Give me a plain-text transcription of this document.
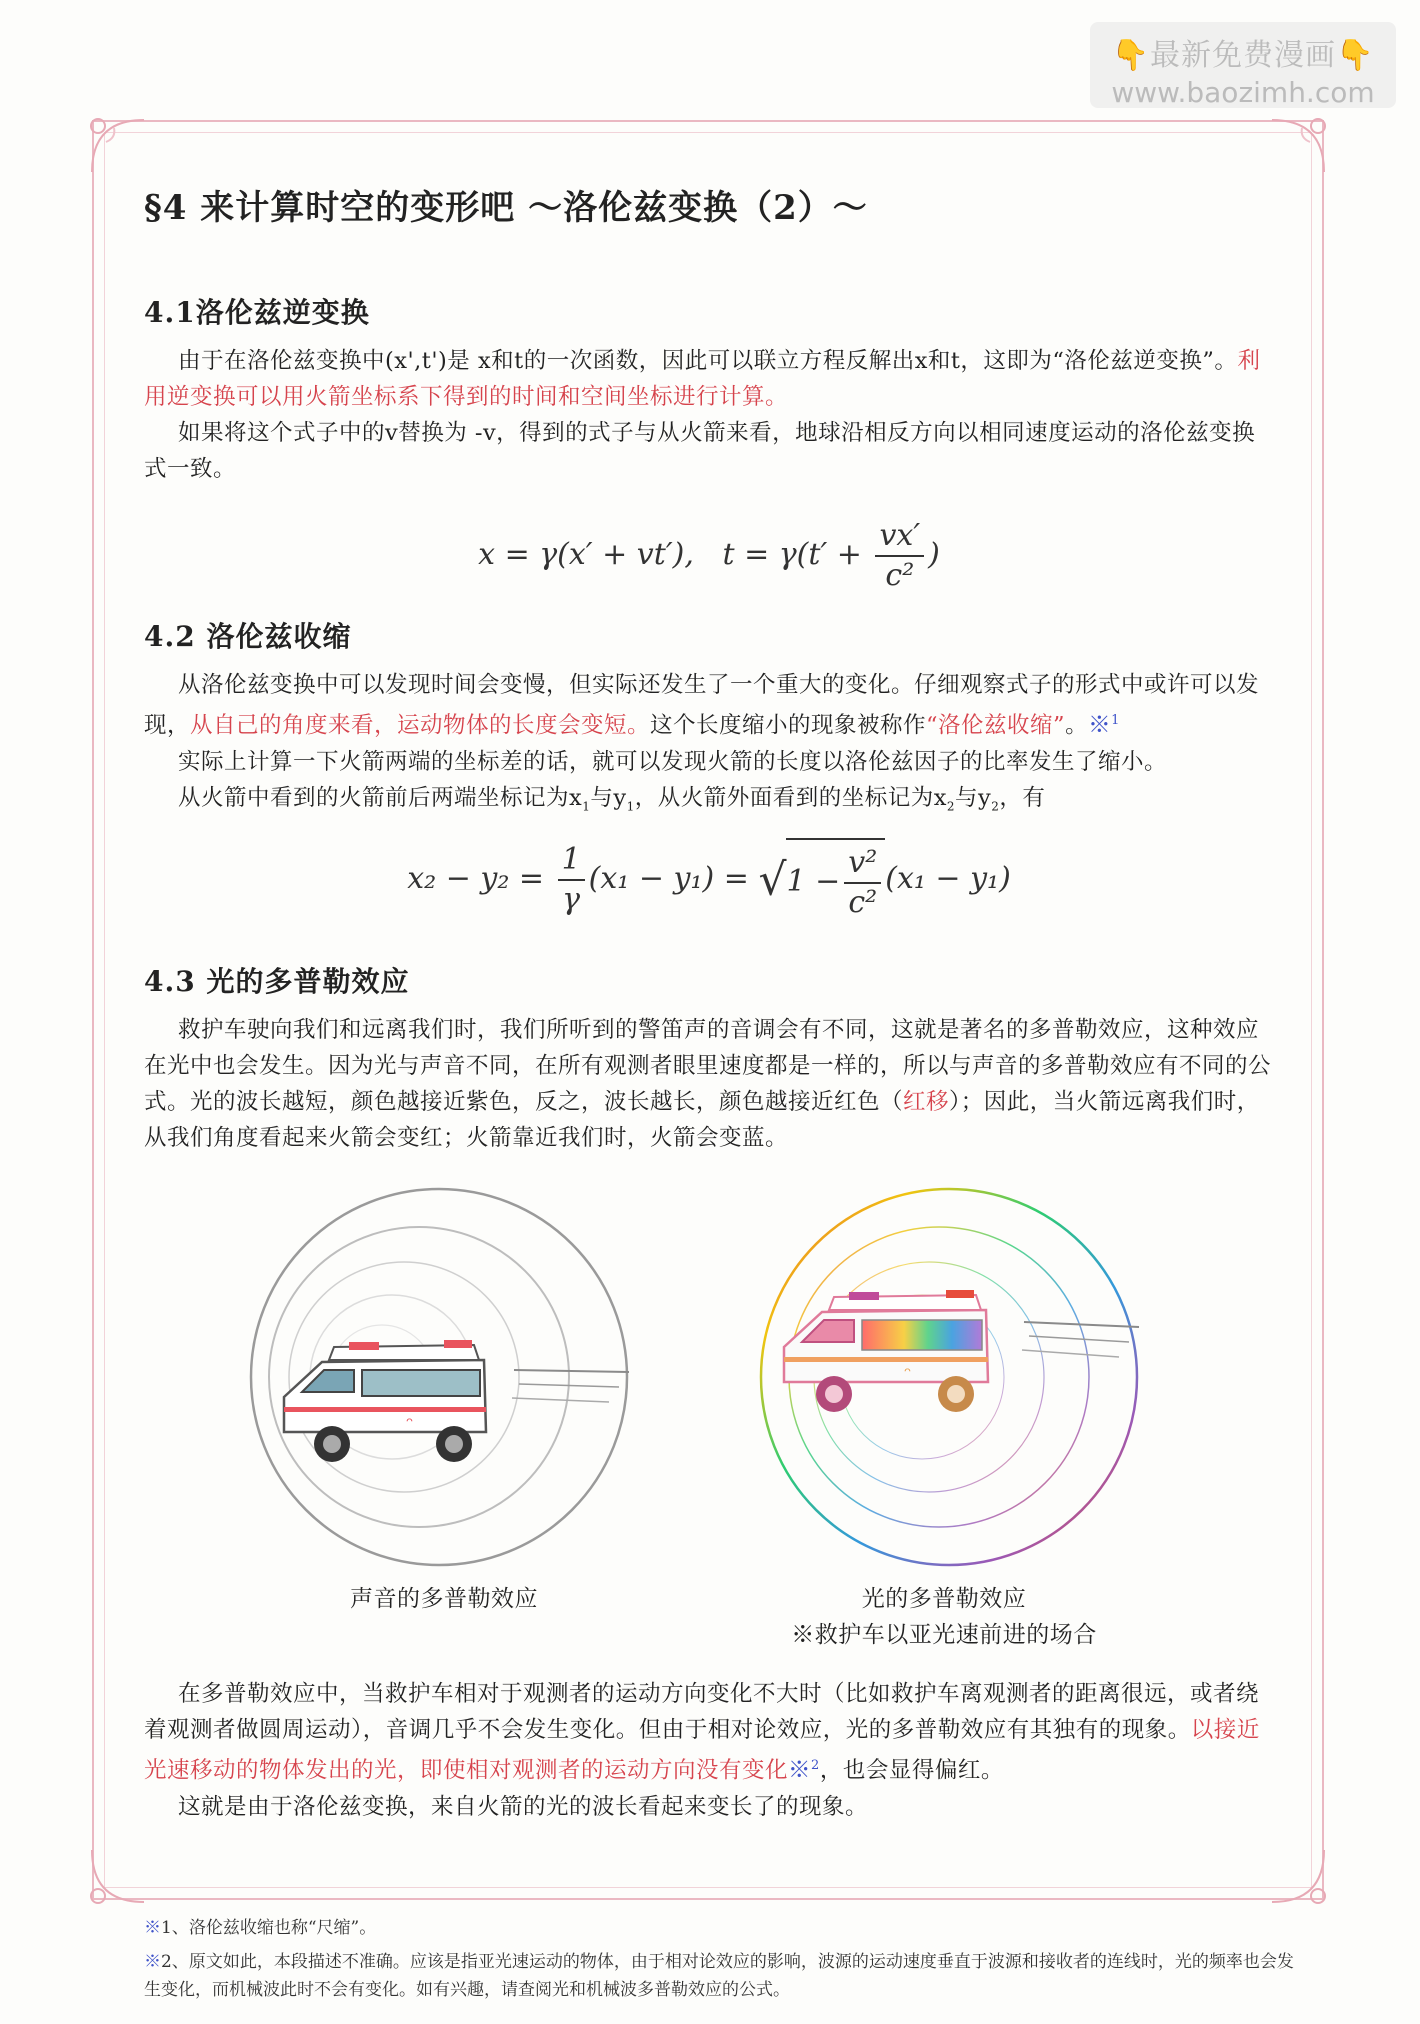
👇最新免费漫画👇
www.baozimh.com
§4 来计算时空的变形吧 ～洛伦兹变换（2）～
4.1洛伦兹逆变换

由于在洛伦兹变换中(x',t')是 x和t的一次函数，因此可以联立方程反解出x和t，这即为“洛伦兹逆变换”。利用逆变换可以用火箭坐标系下得到的时间和空间坐标进行计算。

如果将这个式子中的v替换为 -v，得到的式子与从火箭来看，地球沿相反方向以相同速度运动的洛伦兹变换式一致。

x = γ(x′ + vt′), $t = \gamma(t' + \frac{vx'}{\text{c²}}$ )
4.2 洛伦兹收缩

从洛伦兹变换中可以发现时间会变慢，但实际还发生了一个重大的变化。仔细观察式子的形式中或许可以发现，从自己的角度来看，运动物体的长度会变短。这个长度缩小的现象被称作“洛伦兹收缩”。※$^1$

实际上计算一下火箭两端的坐标差的话，就可以发现火箭的长度以洛伦兹因子的比率发生了缩小。

从火箭中看到的火箭前后两端坐标记为$x_1$与$y_1$，从火箭外面看到的坐标记为$x_2$与$y_2$，有

$x_2 - y_2 = \frac{1}{\gamma} (x_1 - y_1) = √1 - \frac{\text{v²}}{\text{c²}} (x_1 - y_1)$
4.3 光的多普勒效应

救护车驶向我们和远离我们时，我们所听到的警笛声的音调会有不同，这就是著名的多普勒效应，这种效应在光中也会发生。因为光与声音不同，在所有观测者眼里速度都是一样的，所以与声音的多普勒效应有不同的公式。光的波长越短，颜色越接近紫色，反之，波长越长，颜色越接近红色（红移）；因此，当火箭远离我们时，从我们角度看起来火箭会变红；火箭靠近我们时，火箭会变蓝。

ᵔ
ᵔ
声音的多普勒效应	光的多普勒效应
※救护车以亚光速前进的场合

在多普勒效应中，当救护车相对于观测者的运动方向变化不大时（比如救护车离观测者的距离很远，或者绕着观测者做圆周运动），音调几乎不会发生变化。但由于相对论效应，光的多普勒效应有其独有的现象。以接近光速移动的物体发出的光，即使相对观测者的运动方向没有变化※$^2$，也会显得偏红。

这就是由于洛伦兹变换，来自火箭的光的波长看起来变长了的现象。

※1、洛伦兹收缩也称“尺缩”。
※2、原文如此，本段描述不准确。应该是指亚光速运动的物体，由于相对论效应的影响，波源的运动速度垂直于波源和接收者的连线时，光的频率也会发生变化，而机械波此时不会有变化。如有兴趣，请查阅光和机械波多普勒效应的公式。
